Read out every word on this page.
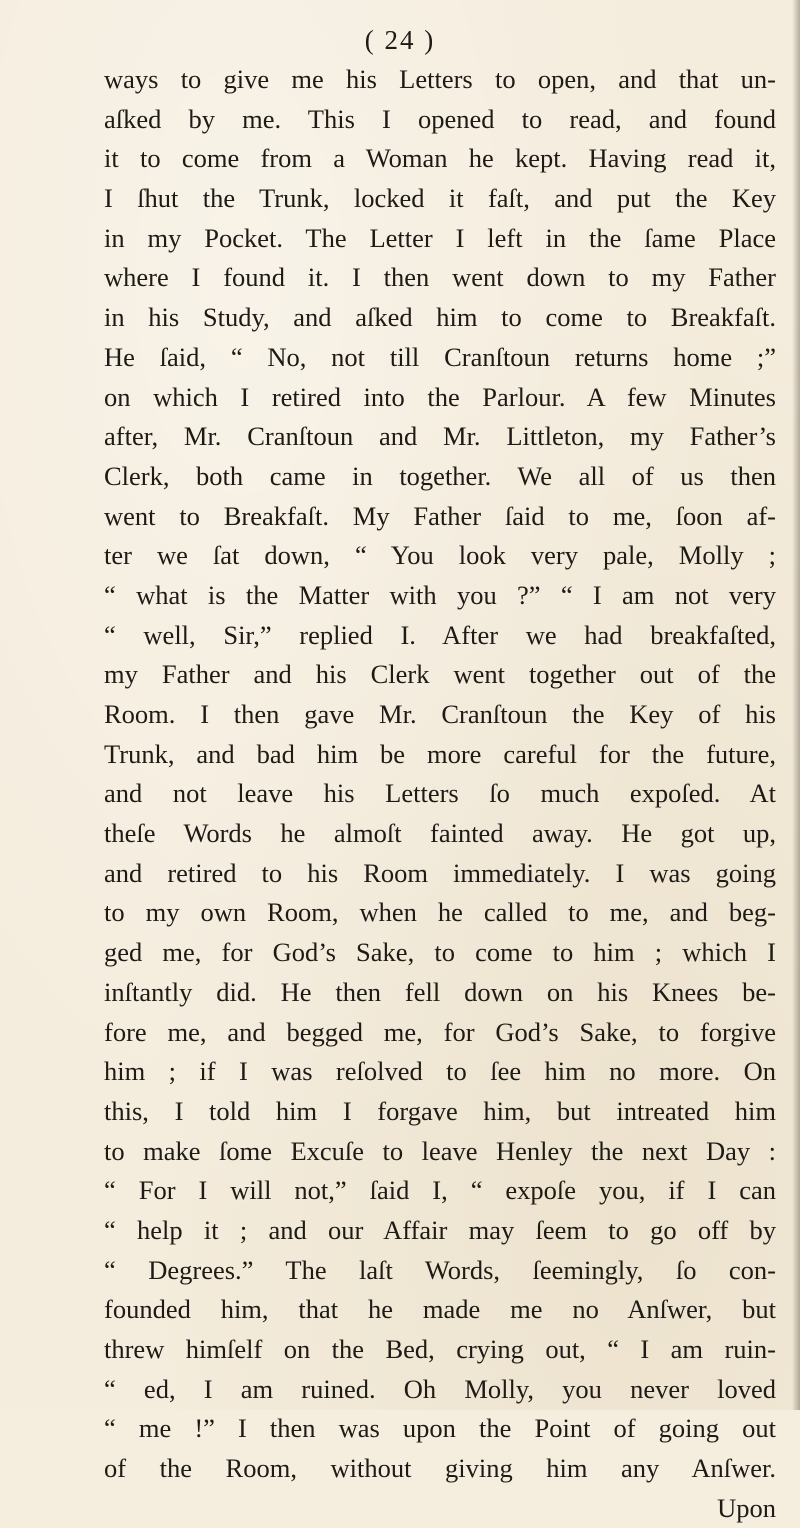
( 24 )
ways to give me his Letters to open, and that un-
aſked by me. This I opened to read, and found
it to come from a Woman he kept. Having read it,
I ſhut the Trunk, locked it faſt, and put the Key
in my Pocket. The Letter I left in the ſame Place
where I found it. I then went down to my Father
in his Study, and aſked him to come to Breakfaſt.
He ſaid, “ No, not till Cranſtoun returns home ;”
on which I retired into the Parlour. A few Minutes
after, Mr. Cranſtoun and Mr. Littleton, my Father’s
Clerk, both came in together. We all of us then
went to Breakfaſt. My Father ſaid to me, ſoon af-
ter we ſat down, “ You look very pale, Molly ;
“ what is the Matter with you ?” “ I am not very
“ well, Sir,” replied I. After we had breakfaſted,
my Father and his Clerk went together out of the
Room. I then gave Mr. Cranſtoun the Key of his
Trunk, and bad him be more careful for the future,
and not leave his Letters ſo much expoſed. At
theſe Words he almoſt fainted away. He got up,
and retired to his Room immediately. I was going
to my own Room, when he called to me, and beg-
ged me, for God’s Sake, to come to him ; which I
inſtantly did. He then fell down on his Knees be-
fore me, and begged me, for God’s Sake, to forgive
him ; if I was reſolved to ſee him no more. On
this, I told him I forgave him, but intreated him
to make ſome Excuſe to leave Henley the next Day :
“ For I will not,” ſaid I, “ expoſe you, if I can
“ help it ; and our Affair may ſeem to go off by
“ Degrees.” The laſt Words, ſeemingly, ſo con-
founded him, that he made me no Anſwer, but
threw himſelf on the Bed, crying out, “ I am ruin-
“ ed, I am ruined. Oh Molly, you never loved
“ me !” I then was upon the Point of going out
of the Room, without giving him any Anſwer.
Upon
